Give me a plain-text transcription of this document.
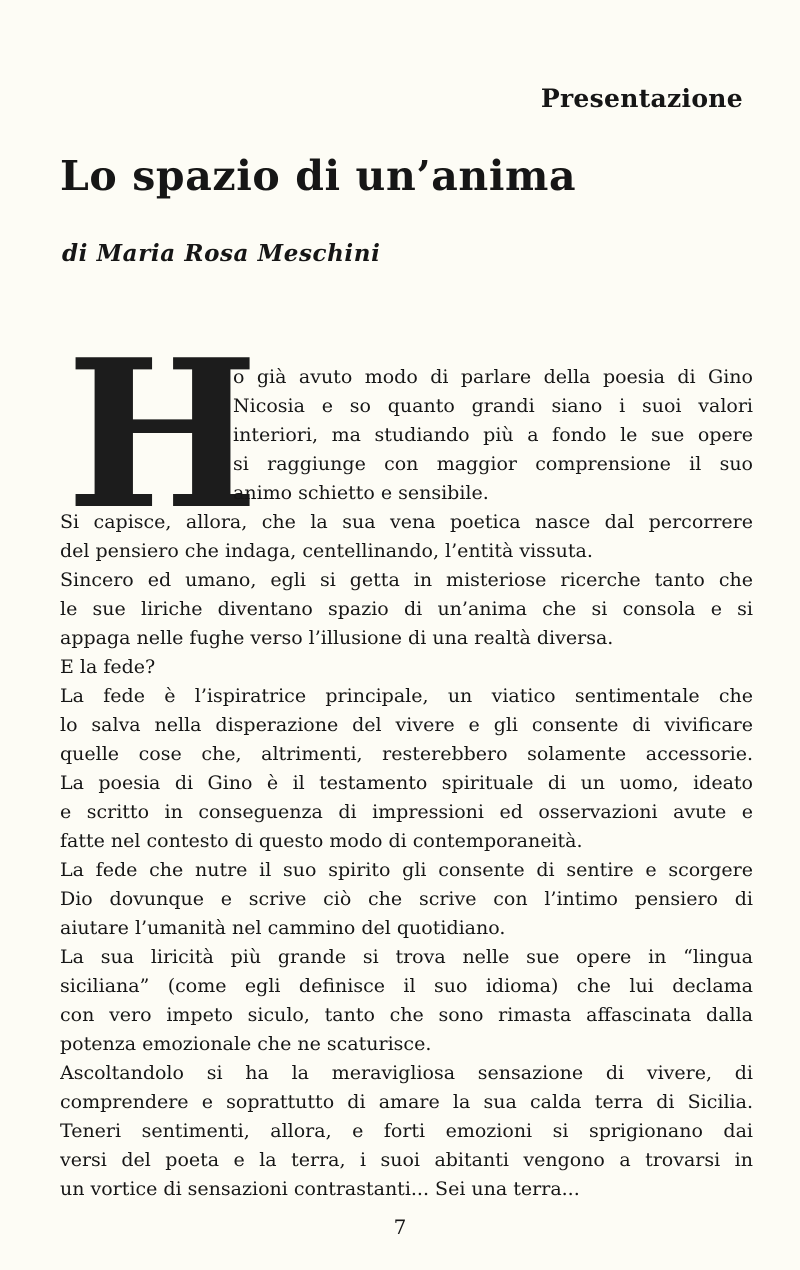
Presentazione
Lo spazio di un’anima
di Maria Rosa Meschini
H
o già avuto modo di parlare della poesia di Gino
Nicosia e so quanto grandi siano i suoi valori
interiori, ma studiando più a fondo le sue opere
si raggiunge con maggior comprensione il suo
animo schietto e sensibile.
Si capisce, allora, che la sua vena poetica nasce dal percorrere
del pensiero che indaga, centellinando, l’entità vissuta.
Sincero ed umano, egli si getta in misteriose ricerche tanto che
le sue liriche diventano spazio di un’anima che si consola e si
appaga nelle fughe verso l’illusione di una realtà diversa.
E la fede?
La fede è l’ispiratrice principale, un viatico sentimentale che
lo salva nella disperazione del vivere e gli consente di vivificare
quelle cose che, altrimenti, resterebbero solamente accessorie.
La poesia di Gino è il testamento spirituale di un uomo, ideato
e scritto in conseguenza di impressioni ed osservazioni avute e
fatte nel contesto di questo modo di contemporaneità.
La fede che nutre il suo spirito gli consente di sentire e scorgere
Dio dovunque e scrive ciò che scrive con l’intimo pensiero di
aiutare l’umanità nel cammino del quotidiano.
La sua liricità più grande si trova nelle sue opere in “lingua
siciliana” (come egli definisce il suo idioma) che lui declama
con vero impeto siculo, tanto che sono rimasta affascinata dalla
potenza emozionale che ne scaturisce.
Ascoltandolo si ha la meravigliosa sensazione di vivere, di
comprendere e soprattutto di amare la sua calda terra di Sicilia.
Teneri sentimenti, allora, e forti emozioni si sprigionano dai
versi del poeta e la terra, i suoi abitanti vengono a trovarsi in
un vortice di sensazioni contrastanti... Sei una terra...
7
